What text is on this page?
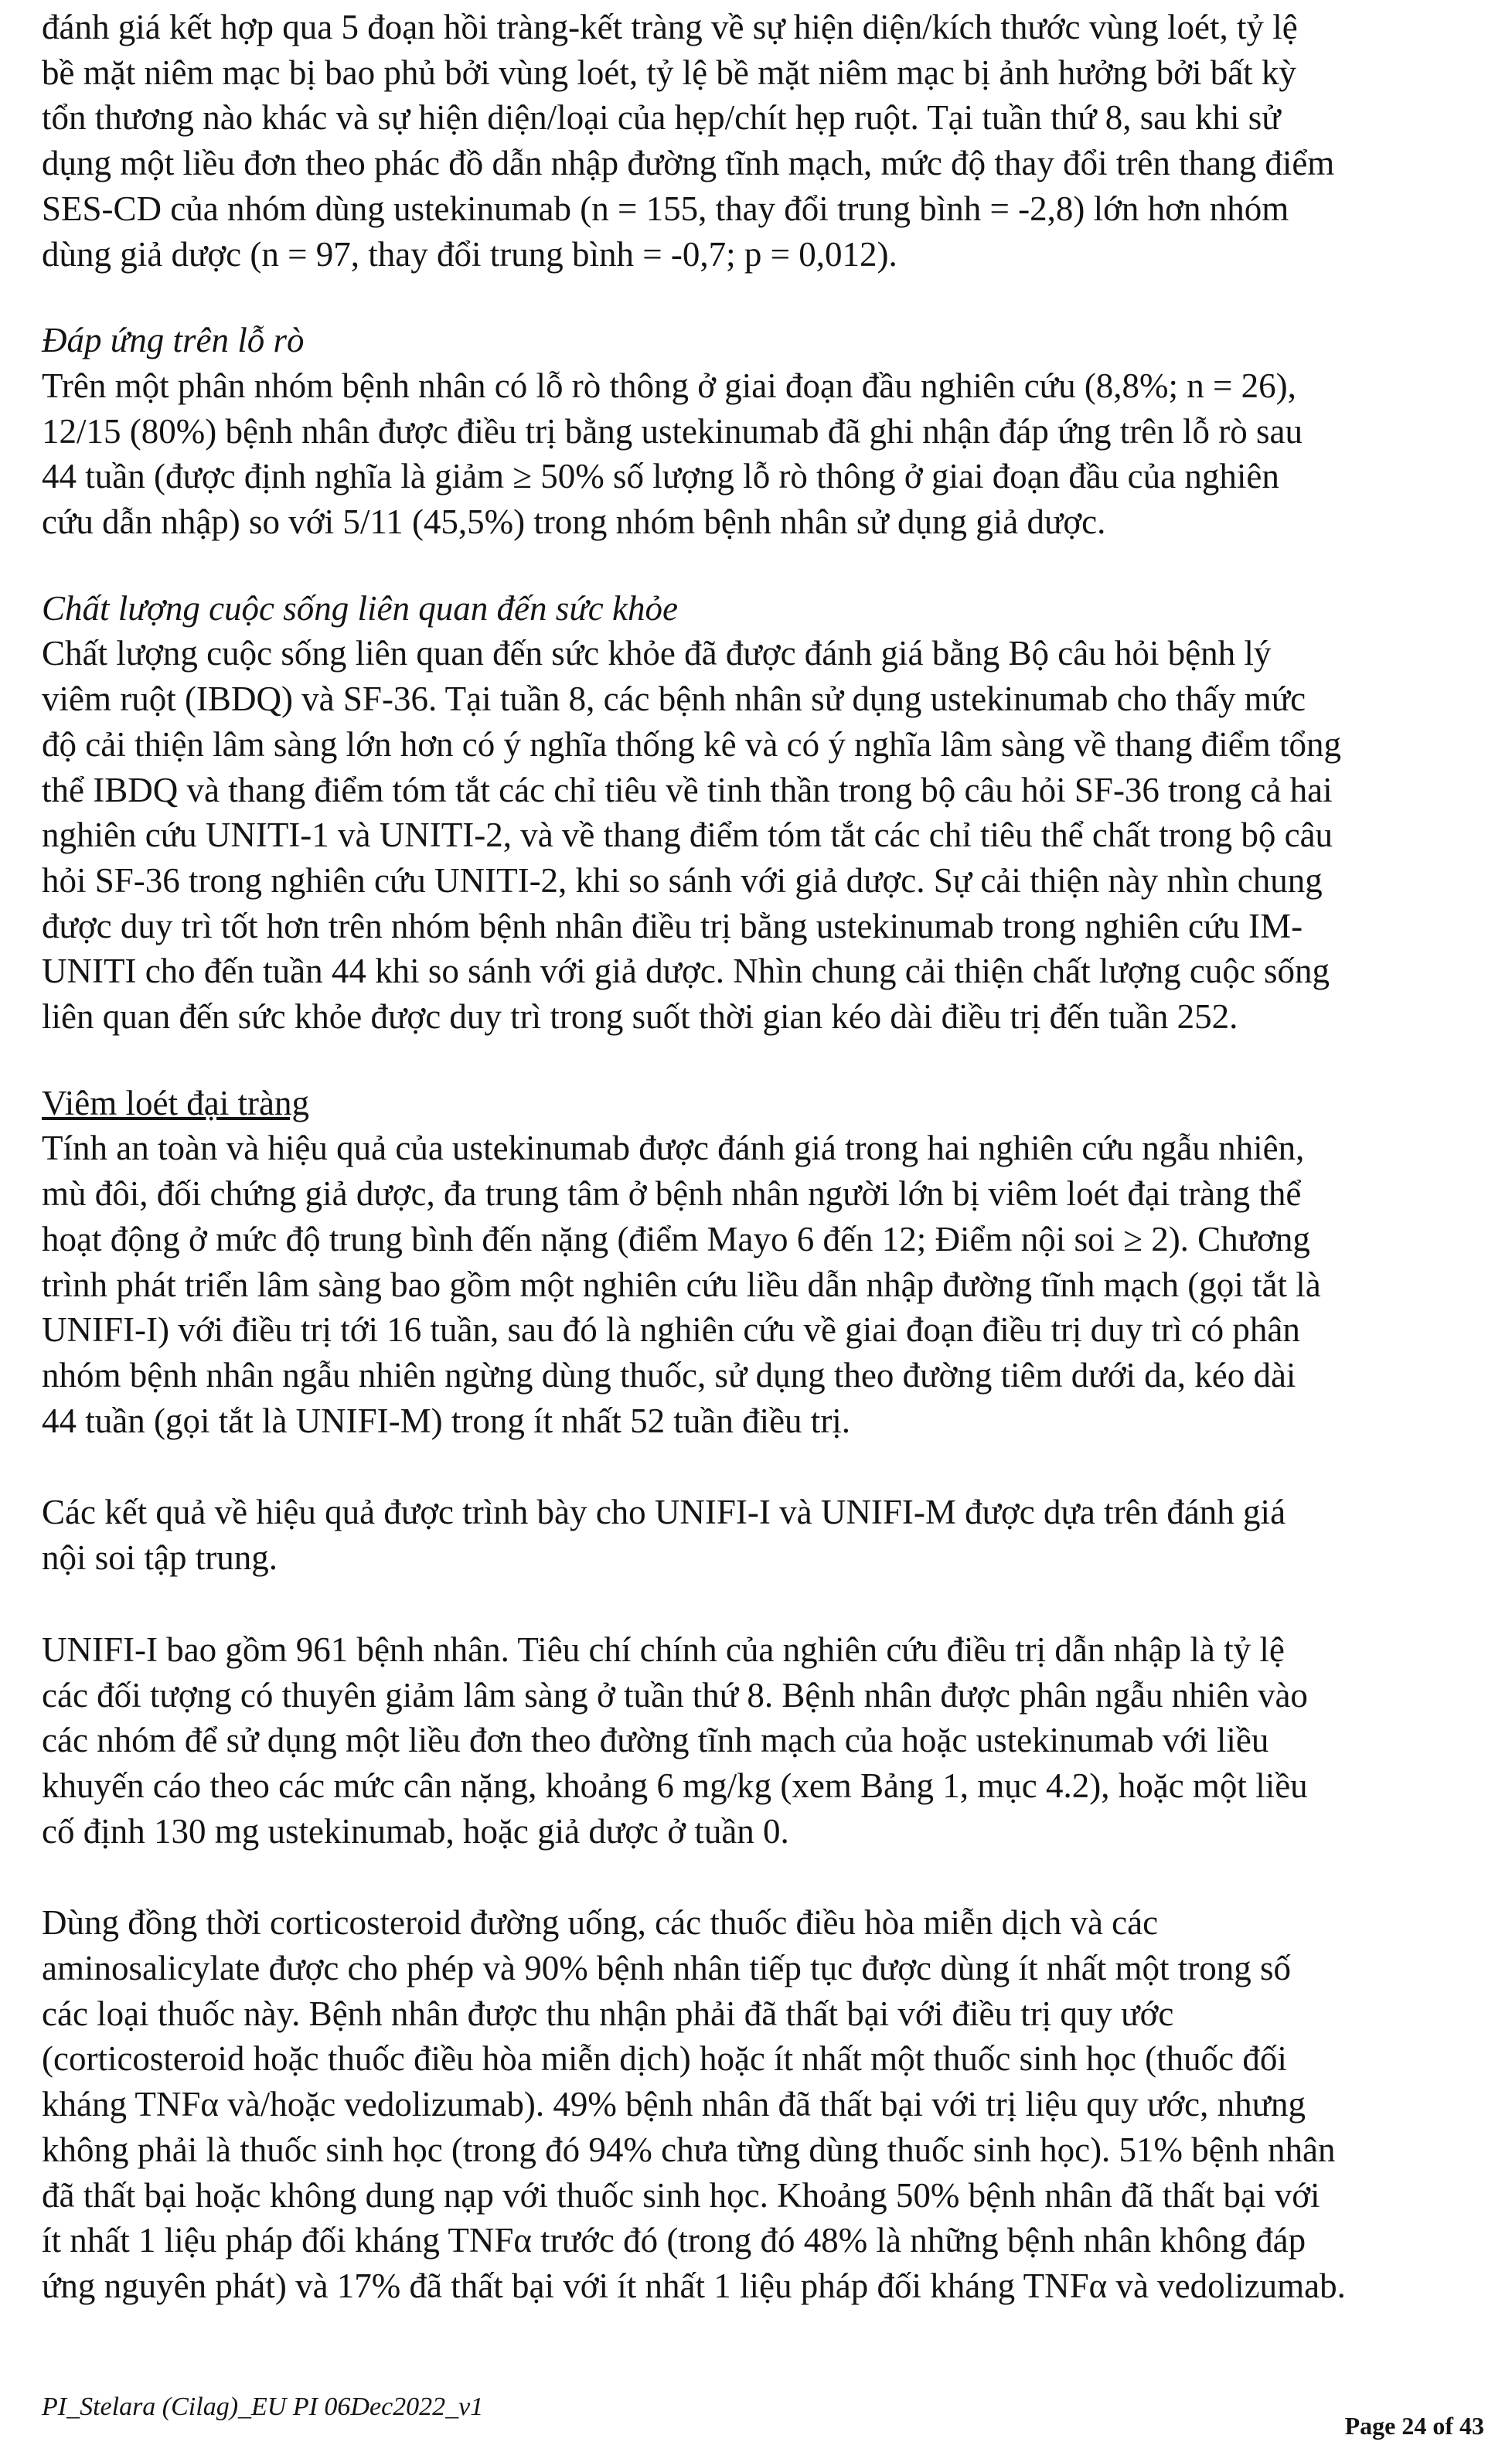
đánh giá kết hợp qua 5 đoạn hồi tràng-kết tràng về sự hiện diện/kích thước vùng loét, tỷ lệ
bề mặt niêm mạc bị bao phủ bởi vùng loét, tỷ lệ bề mặt niêm mạc bị ảnh hưởng bởi bất kỳ
tổn thương nào khác và sự hiện diện/loại của hẹp/chít hẹp ruột. Tại tuần thứ 8, sau khi sử
dụng một liều đơn theo phác đồ dẫn nhập đường tĩnh mạch, mức độ thay đổi trên thang điểm
SES-CD của nhóm dùng ustekinumab (n = 155, thay đổi trung bình = -2,8) lớn hơn nhóm
dùng giả dược (n = 97, thay đổi trung bình = -0,7; p = 0,012).
Đáp ứng trên lỗ rò
Trên một phân nhóm bệnh nhân có lỗ rò thông ở giai đoạn đầu nghiên cứu (8,8%; n = 26),
12/15 (80%) bệnh nhân được điều trị bằng ustekinumab đã ghi nhận đáp ứng trên lỗ rò sau
44 tuần (được định nghĩa là giảm ≥ 50% số lượng lỗ rò thông ở giai đoạn đầu của nghiên
cứu dẫn nhập) so với 5/11 (45,5%) trong nhóm bệnh nhân sử dụng giả dược.
Chất lượng cuộc sống liên quan đến sức khỏe
Chất lượng cuộc sống liên quan đến sức khỏe đã được đánh giá bằng Bộ câu hỏi bệnh lý
viêm ruột (IBDQ) và SF-36. Tại tuần 8, các bệnh nhân sử dụng ustekinumab cho thấy mức
độ cải thiện lâm sàng lớn hơn có ý nghĩa thống kê và có ý nghĩa lâm sàng về thang điểm tổng
thể IBDQ và thang điểm tóm tắt các chỉ tiêu về tinh thần trong bộ câu hỏi SF-36 trong cả hai
nghiên cứu UNITI-1 và UNITI-2, và về thang điểm tóm tắt các chỉ tiêu thể chất trong bộ câu
hỏi SF-36 trong nghiên cứu UNITI-2, khi so sánh với giả dược. Sự cải thiện này nhìn chung
được duy trì tốt hơn trên nhóm bệnh nhân điều trị bằng ustekinumab trong nghiên cứu IM-
UNITI cho đến tuần 44 khi so sánh với giả dược. Nhìn chung cải thiện chất lượng cuộc sống
liên quan đến sức khỏe được duy trì trong suốt thời gian kéo dài điều trị đến tuần 252.
Viêm loét đại tràng
Tính an toàn và hiệu quả của ustekinumab được đánh giá trong hai nghiên cứu ngẫu nhiên,
mù đôi, đối chứng giả dược, đa trung tâm ở bệnh nhân người lớn bị viêm loét đại tràng thể
hoạt động ở mức độ trung bình đến nặng (điểm Mayo 6 đến 12; Điểm nội soi ≥ 2). Chương
trình phát triển lâm sàng bao gồm một nghiên cứu liều dẫn nhập đường tĩnh mạch (gọi tắt là
UNIFI-I) với điều trị tới 16 tuần, sau đó là nghiên cứu về giai đoạn điều trị duy trì có phân
nhóm bệnh nhân ngẫu nhiên ngừng dùng thuốc, sử dụng theo đường tiêm dưới da, kéo dài
44 tuần (gọi tắt là UNIFI-M) trong ít nhất 52 tuần điều trị.
Các kết quả về hiệu quả được trình bày cho UNIFI-I và UNIFI-M được dựa trên đánh giá
nội soi tập trung.
UNIFI-I bao gồm 961 bệnh nhân. Tiêu chí chính của nghiên cứu điều trị dẫn nhập là tỷ lệ
các đối tượng có thuyên giảm lâm sàng ở tuần thứ 8. Bệnh nhân được phân ngẫu nhiên vào
các nhóm để sử dụng một liều đơn theo đường tĩnh mạch của hoặc ustekinumab với liều
khuyến cáo theo các mức cân nặng, khoảng 6 mg/kg (xem Bảng 1, mục 4.2), hoặc một liều
cố định 130 mg ustekinumab, hoặc giả dược ở tuần 0.
Dùng đồng thời corticosteroid đường uống, các thuốc điều hòa miễn dịch và các
aminosalicylate được cho phép và 90% bệnh nhân tiếp tục được dùng ít nhất một trong số
các loại thuốc này. Bệnh nhân được thu nhận phải đã thất bại với điều trị quy ước
(corticosteroid hoặc thuốc điều hòa miễn dịch) hoặc ít nhất một thuốc sinh học (thuốc đối
kháng TNFα và/hoặc vedolizumab). 49% bệnh nhân đã thất bại với trị liệu quy ước, nhưng
không phải là thuốc sinh học (trong đó 94% chưa từng dùng thuốc sinh học). 51% bệnh nhân
đã thất bại hoặc không dung nạp với thuốc sinh học. Khoảng 50% bệnh nhân đã thất bại với
ít nhất 1 liệu pháp đối kháng TNFα trước đó (trong đó 48% là những bệnh nhân không đáp
ứng nguyên phát) và 17% đã thất bại với ít nhất 1 liệu pháp đối kháng TNFα và vedolizumab.
PI_Stelara (Cilag)_EU PI 06Dec2022_v1
Page 24 of 43
